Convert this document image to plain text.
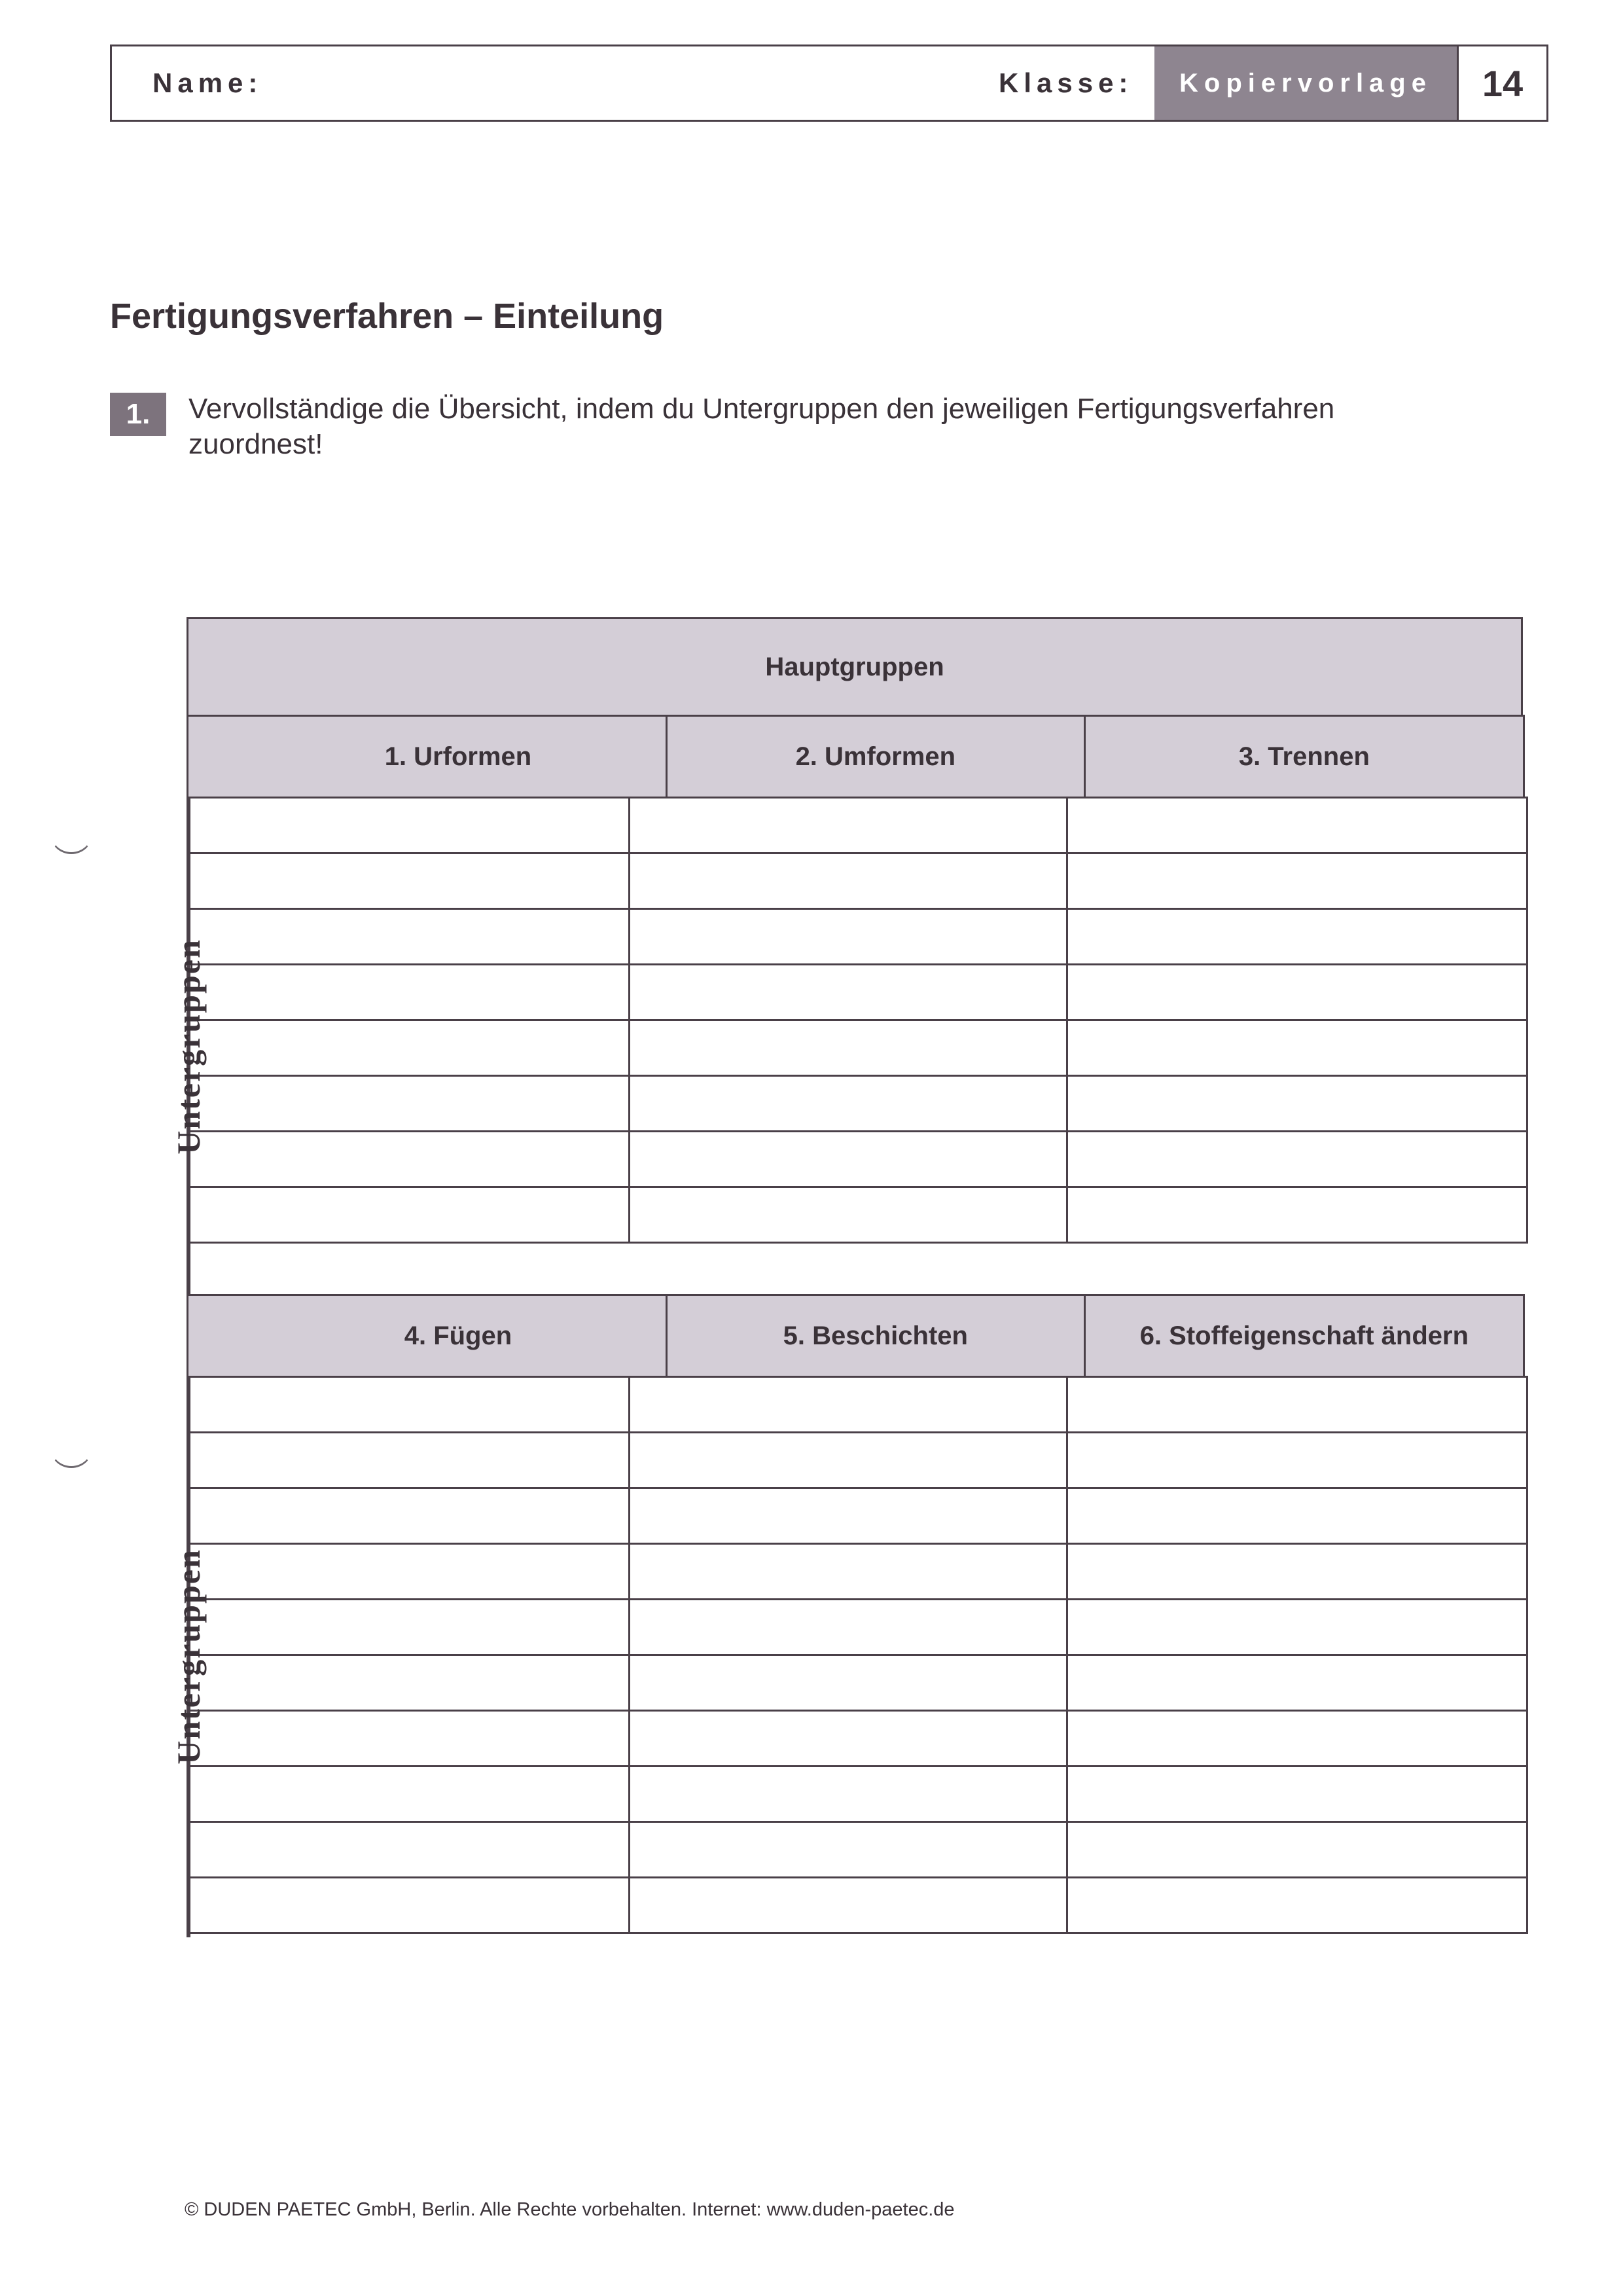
Name:	Klasse:	Kopiervorlage	14
Fertigungsverfahren – Einteilung
1.	Vervollständige die Übersicht, indem du Untergruppen den jeweiligen Fertigungsverfahren zuordnest!
Hauptgruppen
1. Urformen	2. Umformen	3. Trennen
Untergruppen
4. Fügen	5. Beschichten	6. Stoffeigenschaft ändern
Untergruppen
© DUDEN PAETEC GmbH, Berlin. Alle Rechte vorbehalten. Internet: www.duden-paetec.de
